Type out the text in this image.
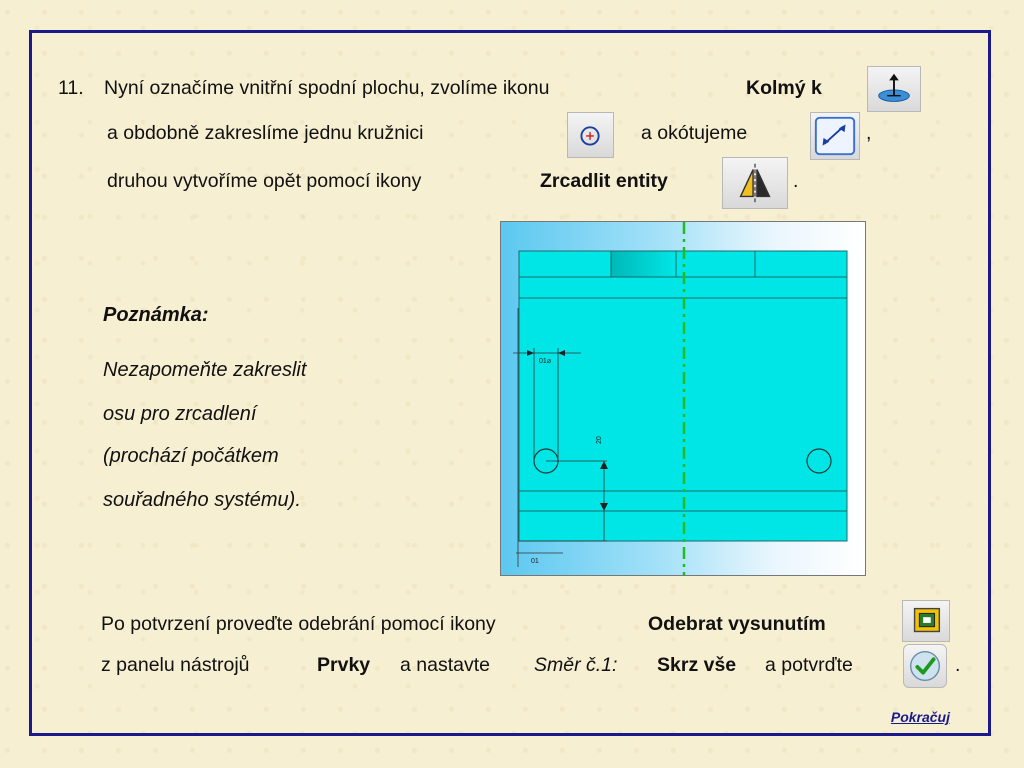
11. Nyní označíme vnitřní spodní plochu, zvolíme ikonu	Kolmý k
a obdobně zakreslíme jednu kružnici	a okótujeme	,
druhou vytvoříme opět pomocí ikony	Zrcadlit entity	.
Poznámka:
Nezapomeňte zakreslit
osu pro zrcadlení
(prochází počátkem
souřadného systému).
01⌀
20
01
Po potvrzení proveďte odebrání pomocí ikony	Odebrat vysunutím
z panelu nástrojů	Prvky a nastavte Směr č.1: Skrz vše a potvrďte	.
Pokračuj
